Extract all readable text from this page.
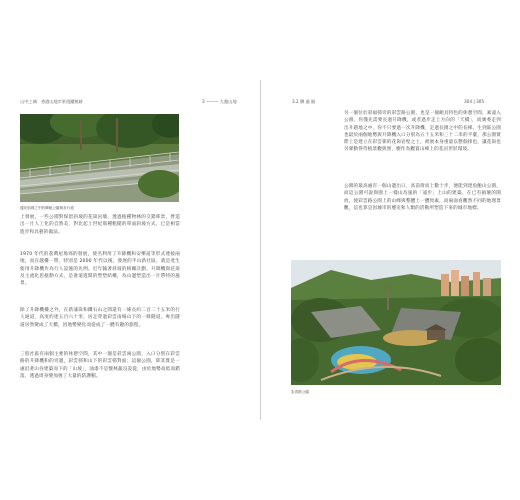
山中之城：香港山地市景遊蹤軌跡	3 ——— 九龍山地
通於斜坡之中的傳統公園與步行道

上發展，一些公園對保留斜坡的花崗岩墻，透過植種物林的交錯佈景，營造出一片人工化的自然美，對比起上世紀那種粗糙的單面斜坡方式，已是相當進步和具藝的做法。

1970 年代的荔灣屋塢郊的發展，使名利用了升降機和安樂道等形式連接兩地，而在越樓一帶，特別是 2000 年代以後，發展的半山新社區，就是產生使用升降機作為行人設施的先例。近年隨著斜坡的相關計劃、升降機與花崗及主流化思植動方式，是會道進間的塑塑結構，為山邊塑造出一片帶特的風景。

除了升降機樓之外，在新蒲崗和鑽石山之間還有一條長約二百二十五米的行人通道，高度約達五百六十米，居走穿過彩雲雨場山下的一條隧道，專出隧道居然變成了天橋，因地勢變化而從成了一體有趣的旅程。

三股社區有兩個主要的休憩空間，其中一個是彩雲兩公園，入口分別在彩雲路的升降機和的旁邊，彩雲邨和山下的彩雲邨對面；這個公園，即其實是一處沿著山谷建築而下的「山坡」，油漆不是懷林蔬良設從，由於地勢高低而錯落，透過周身變加強了大量的防護帽。

3.2 鑽 過 隧	304 | 305

另一個位於彩福邨旁的彩雲路公園，也是一個頗具特色的休憩空間，素遠入公園，你僅先需要長過升降機，或者過步走上方向的「天橋」，而廣委走到出升趙地之中，你不只要過一次升降機，走過長園之中的長梯。生到區公園也最於兩個地勢與升降機入口分別為五十五米和三十二米的平臺，那公園實際上是建立在彩雲邨的花崗岩壁之上，被展本身重量以整個排也，讓花崗也另眾動得待植景觀與照，樹作為觀賞山峰上的花岩形狀環境。

公園的最高處有一個山邊出口，高前倚而上數十步，便能到達魚鮑山公園，而這公園可說與園上一樣山為風的「遠步」上山的建築，在已有損壞的開放，使彩雲路公園上的山峰與整體上一體致素，而兩面看觀然不同的地理景觀，這也算是因城市的歷史和人類的活動所塑造下來的城市地標。

彩雲路公園
